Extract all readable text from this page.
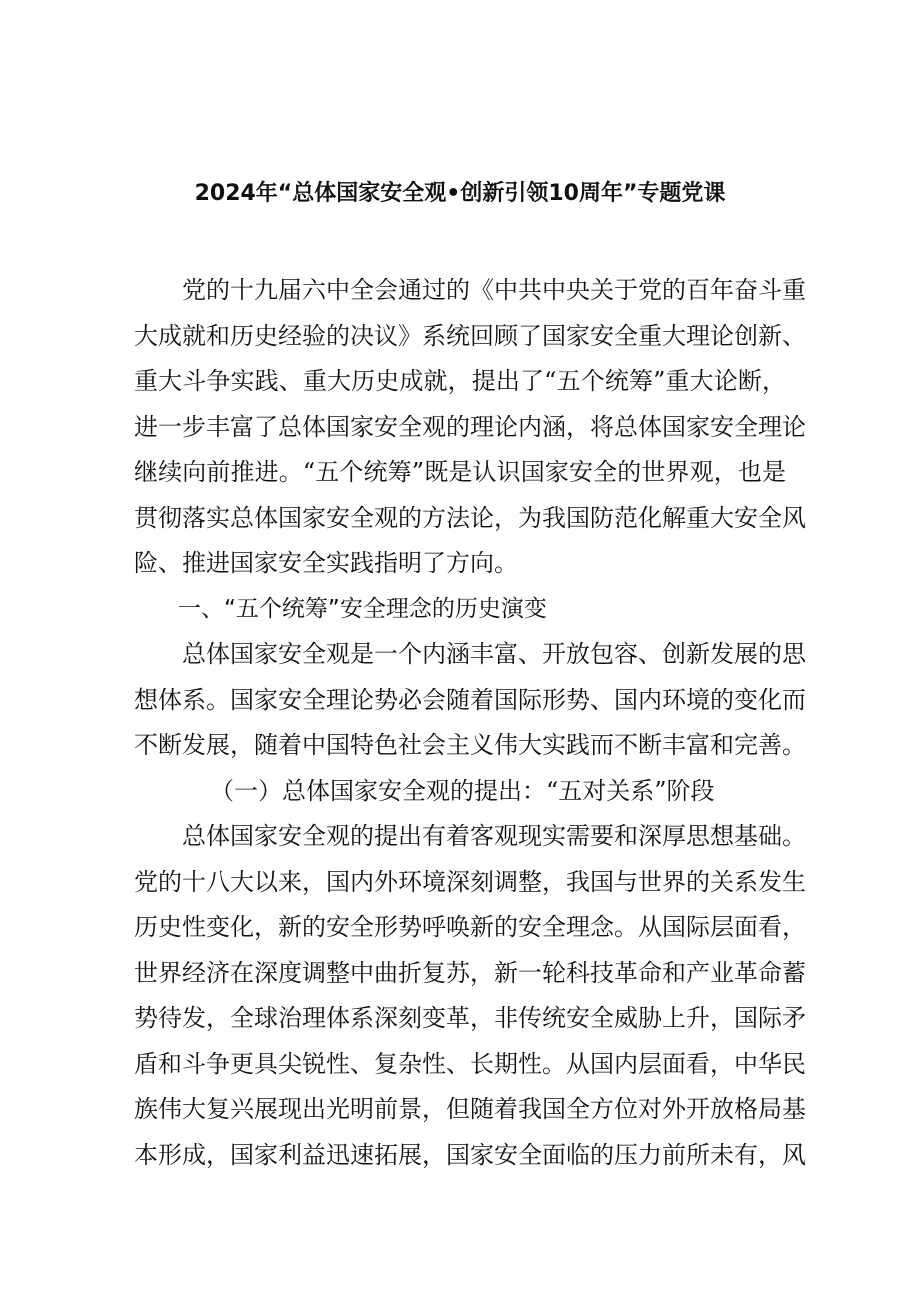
2024年“总体国家安全观•创新引领10周年”专题党课
党的十九届六中全会通过的《中共中央关于党的百年奋斗重
大成就和历史经验的决议》系统回顾了国家安全重大理论创新、
重大斗争实践、重大历史成就，提出了“五个统筹”重大论断，
进一步丰富了总体国家安全观的理论内涵，将总体国家安全理论
继续向前推进。“五个统筹”既是认识国家安全的世界观，也是
贯彻落实总体国家安全观的方法论，为我国防范化解重大安全风
险、推进国家安全实践指明了方向。
一、“五个统筹”安全理念的历史演变
总体国家安全观是一个内涵丰富、开放包容、创新发展的思
想体系。国家安全理论势必会随着国际形势、国内环境的变化而
不断发展，随着中国特色社会主义伟大实践而不断丰富和完善。
（一）总体国家安全观的提出：“五对关系”阶段
总体国家安全观的提出有着客观现实需要和深厚思想基础。
党的十八大以来，国内外环境深刻调整，我国与世界的关系发生
历史性变化，新的安全形势呼唤新的安全理念。从国际层面看，
世界经济在深度调整中曲折复苏，新一轮科技革命和产业革命蓄
势待发，全球治理体系深刻变革，非传统安全威胁上升，国际矛
盾和斗争更具尖锐性、复杂性、长期性。从国内层面看，中华民
族伟大复兴展现出光明前景，但随着我国全方位对外开放格局基
本形成，国家利益迅速拓展，国家安全面临的压力前所未有，风
